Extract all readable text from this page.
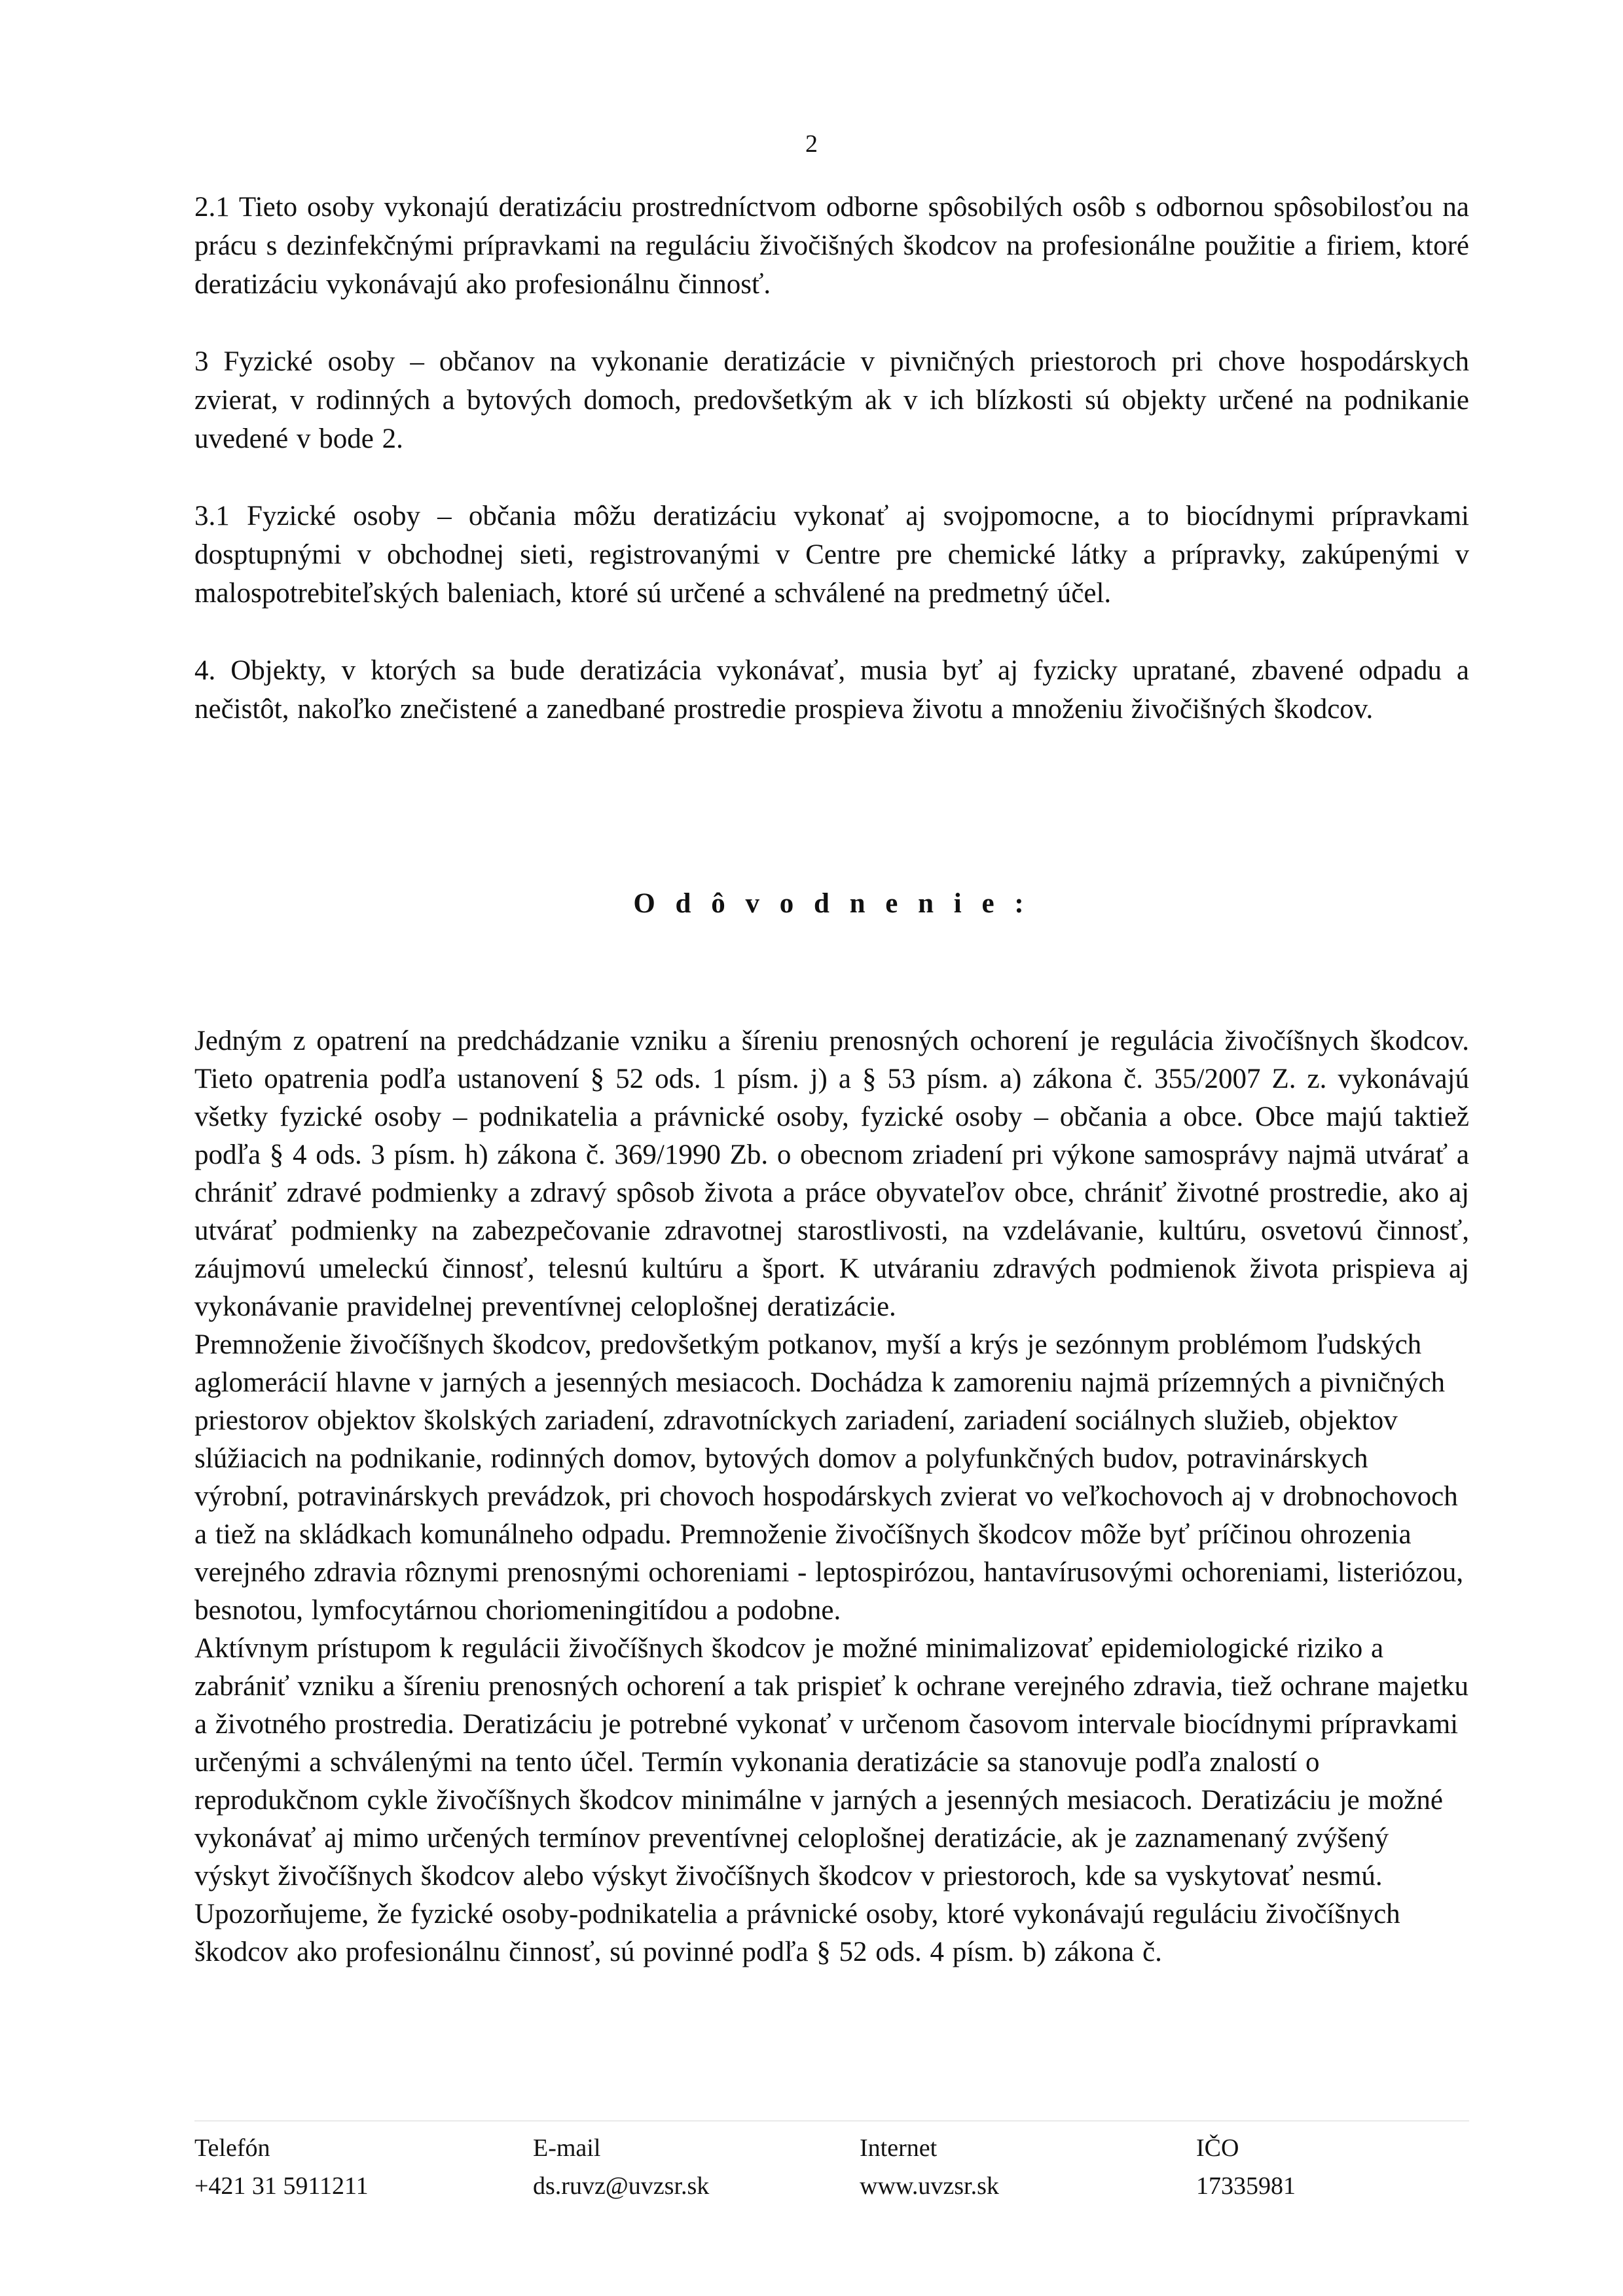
2

2.1 Tieto osoby vykonajú deratizáciu prostredníctvom odborne spôsobilých osôb s odbornou spôsobilosťou na prácu s dezinfekčnými prípravkami na reguláciu živočišných škodcov na profesionálne použitie a firiem, ktoré deratizáciu vykonávajú ako profesionálnu činnosť.

3 Fyzické osoby – občanov na vykonanie deratizácie v pivničných priestoroch pri chove hospodárskych zvierat, v rodinných a bytových domoch, predovšetkým ak v ich blízkosti sú objekty určené na podnikanie uvedené v bode 2.

3.1 Fyzické osoby – občania môžu deratizáciu vykonať aj svojpomocne, a to biocídnymi prípravkami dosptupnými v obchodnej sieti, registrovanými v Centre pre chemické látky a prípravky, zakúpenými v malospotrebiteľských baleniach, ktoré sú určené a schválené na predmetný účel.

4. Objekty, v ktorých sa bude deratizácia vykonávať, musia byť aj fyzicky upratané, zbavené odpadu a nečistôt, nakoľko znečistené a zanedbané prostredie prospieva životu a množeniu živočišných škodcov.

O d ô v o d n e n i e :

Jedným z opatrení na predchádzanie vzniku a šíreniu prenosných ochorení je regulácia živočíšnych škodcov. Tieto opatrenia podľa ustanovení § 52 ods. 1 písm. j) a § 53 písm. a) zákona č. 355/2007 Z. z. vykonávajú všetky fyzické osoby – podnikatelia a právnické osoby, fyzické osoby – občania a obce. Obce majú taktiež podľa § 4 ods. 3 písm. h) zákona č. 369/1990 Zb. o obecnom zriadení pri výkone samosprávy najmä utvárať a chrániť zdravé podmienky a zdravý spôsob života a práce obyvateľov obce, chrániť životné prostredie, ako aj utvárať podmienky na zabezpečovanie zdravotnej starostlivosti, na vzdelávanie, kultúru, osvetovú činnosť, záujmovú umeleckú činnosť, telesnú kultúru a šport. K utváraniu zdravých podmienok života prispieva aj vykonávanie pravidelnej preventívnej celoplošnej deratizácie.

Premnoženie živočíšnych škodcov, predovšetkým potkanov, myší a krýs je sezónnym problémom ľudských aglomerácií hlavne v jarných a jesenných mesiacoch. Dochádza k zamoreniu najmä prízemných a pivničných priestorov objektov školských zariadení, zdravotníckych zariadení, zariadení sociálnych služieb, objektov slúžiacich na podnikanie, rodinných domov, bytových domov a polyfunkčných budov, potravinárskych výrobní, potravinárskych prevádzok, pri chovoch hospodárskych zvierat vo veľkochovoch aj v drobnochovoch a tiež na skládkach komunálneho odpadu. Premnoženie živočíšnych škodcov môže byť príčinou ohrozenia verejného zdravia rôznymi prenosnými ochoreniami - leptospirózou, hantavírusovými ochoreniami, listeriózou, besnotou, lymfocytárnou choriomeningitídou a podobne.

Aktívnym prístupom k regulácii živočíšnych škodcov je možné minimalizovať epidemiologické riziko a zabrániť vzniku a šíreniu prenosných ochorení a tak prispieť k ochrane verejného zdravia, tiež ochrane majetku a životného prostredia. Deratizáciu je potrebné vykonať v určenom časovom intervale biocídnymi prípravkami určenými a schválenými na tento účel. Termín vykonania deratizácie sa stanovuje podľa znalostí o reprodukčnom cykle živočíšnych škodcov minimálne v jarných a jesenných mesiacoch. Deratizáciu je možné vykonávať aj mimo určených termínov preventívnej celoplošnej deratizácie, ak je zaznamenaný zvýšený výskyt živočíšnych škodcov alebo výskyt živočíšnych škodcov v priestoroch, kde sa vyskytovať nesmú.

Upozorňujeme, že fyzické osoby-podnikatelia a právnické osoby, ktoré vykonávajú reguláciu živočíšnych škodcov ako profesionálnu činnosť, sú povinné podľa § 52 ods. 4 písm. b) zákona č.

Telefón	E-mail	Internet	IČO
+421 31 5911211	ds.ruvz@uvzsr.sk	www.uvzsr.sk	17335981
